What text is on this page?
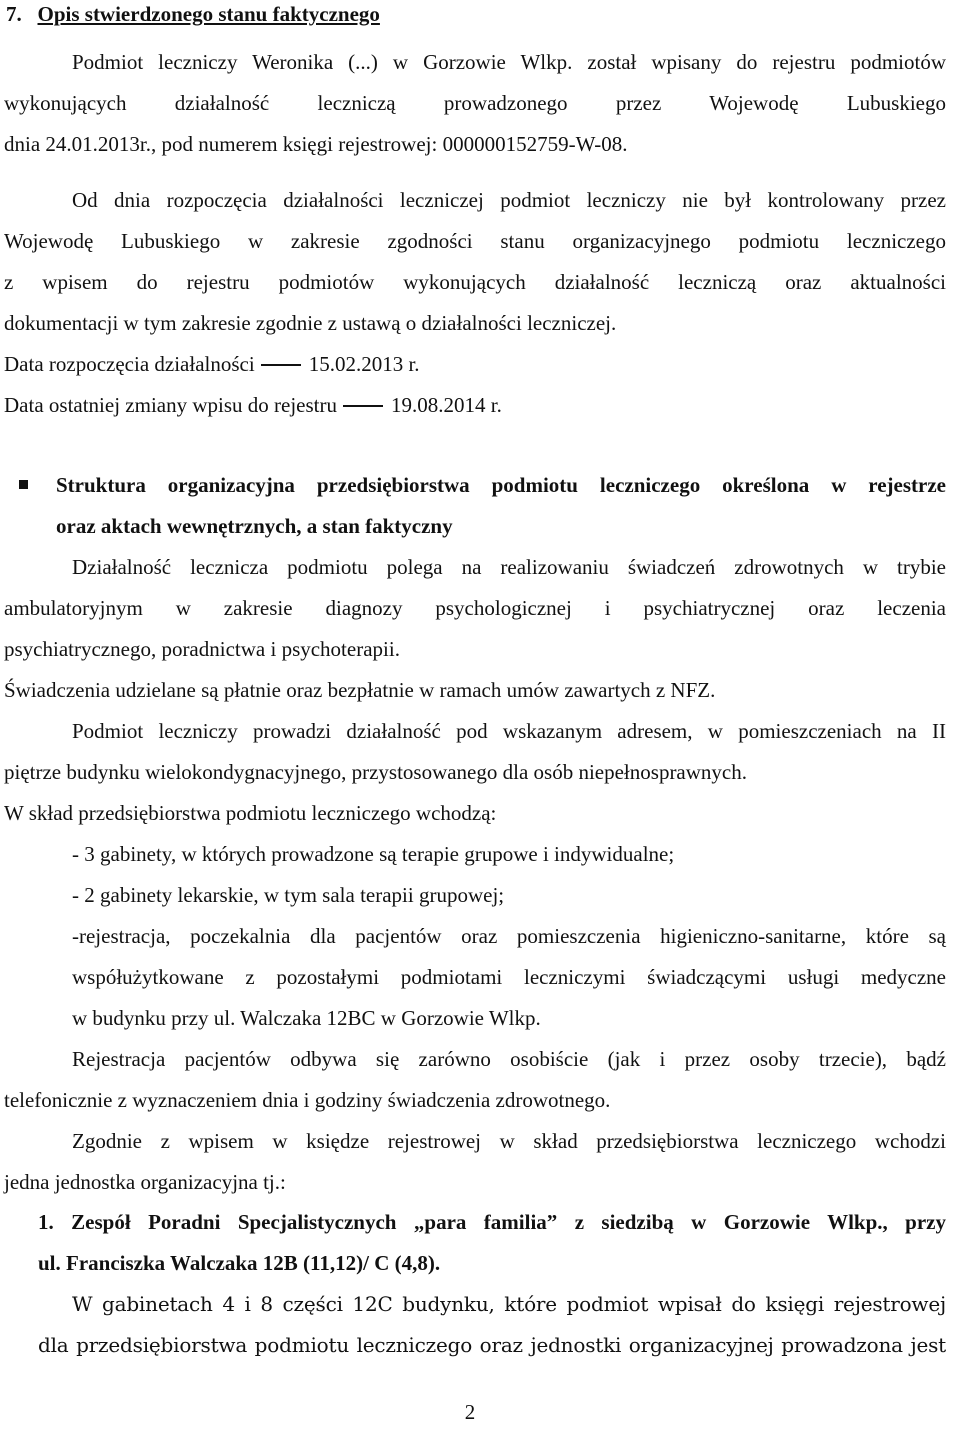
7. Opis stwierdzonego stanu faktycznego
Podmiot leczniczy Weronika (...) w Gorzowie Wlkp. został wpisany do rejestru podmiotów
wykonujących działalność leczniczą prowadzonego przez Wojewodę Lubuskiego
dnia 24.01.2013r., pod numerem księgi rejestrowej: 000000152759-W-08.
Od dnia rozpoczęcia działalności leczniczej podmiot leczniczy nie był kontrolowany przez
Wojewodę Lubuskiego w zakresie zgodności stanu organizacyjnego podmiotu leczniczego
z wpisem do rejestru podmiotów wykonujących działalność leczniczą oraz aktualności
dokumentacji w tym zakresie zgodnie z ustawą o działalności leczniczej.
Data rozpoczęcia działalności	15.02.2013 r.
Data ostatniej zmiany wpisu do rejestru	19.08.2014 r.
Struktura organizacyjna przedsiębiorstwa podmiotu leczniczego określona w rejestrze
oraz aktach wewnętrznych, a stan faktyczny
Działalność lecznicza podmiotu polega na realizowaniu świadczeń zdrowotnych w trybie
ambulatoryjnym w zakresie diagnozy psychologicznej i psychiatrycznej oraz leczenia
psychiatrycznego, poradnictwa i psychoterapii.
Świadczenia udzielane są płatnie oraz bezpłatnie w ramach umów zawartych z NFZ.
Podmiot leczniczy prowadzi działalność pod wskazanym adresem, w pomieszczeniach na II
piętrze budynku wielokondygnacyjnego, przystosowanego dla osób niepełnosprawnych.
W skład przedsiębiorstwa podmiotu leczniczego wchodzą:
- 3 gabinety, w których prowadzone są terapie grupowe i indywidualne;
- 2 gabinety lekarskie, w tym sala terapii grupowej;
-rejestracja, poczekalnia dla pacjentów oraz pomieszczenia higieniczno-sanitarne, które są
współużytkowane z pozostałymi podmiotami leczniczymi świadczącymi usługi medyczne
w budynku przy ul. Walczaka 12BC w Gorzowie Wlkp.
Rejestracja pacjentów odbywa się zarówno osobiście (jak i przez osoby trzecie), bądź
telefonicznie z wyznaczeniem dnia i godziny świadczenia zdrowotnego.
Zgodnie z wpisem w księdze rejestrowej w skład przedsiębiorstwa leczniczego wchodzi
jedna jednostka organizacyjna tj.:
1. Zespół Poradni Specjalistycznych „para familia” z siedzibą w Gorzowie Wlkp., przy
ul. Franciszka Walczaka 12B (11,12)/ C (4,8).
W gabinetach 4 i 8 części 12C budynku, które podmiot wpisał do księgi rejestrowej
dla przedsiębiorstwa podmiotu leczniczego oraz jednostki organizacyjnej prowadzona jest
2
